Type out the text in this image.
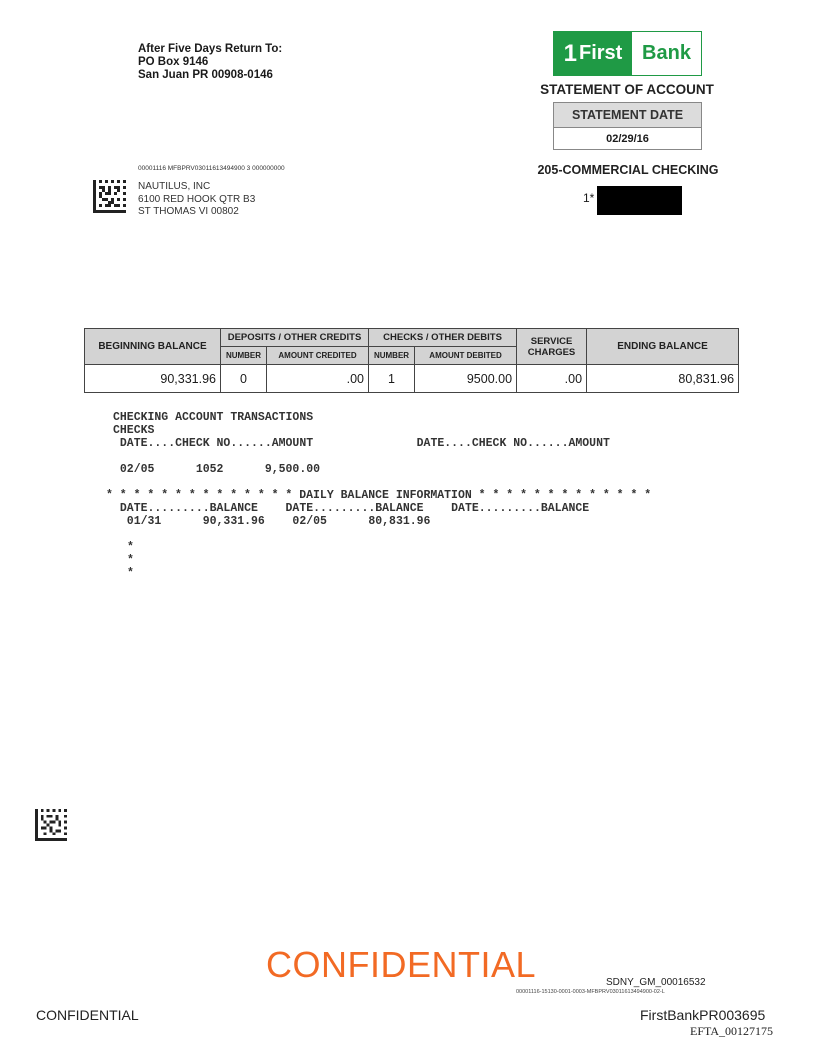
After Five Days Return To:
PO Box 9146
San Juan PR 00908-0146
1 First Bank
STATEMENT OF ACCOUNT
STATEMENT DATE
02/29/16
205-COMMERCIAL CHECKING
1*
00001116 MFBPRV03011613494900 3 000000000
NAUTILUS, INC
6100 RED HOOK QTR B3
ST THOMAS VI 00802
BEGINNING BALANCE	DEPOSITS / OTHER CREDITS		CHECKS / OTHER DEBITS		SERVICE
CHARGES	ENDING BALANCE
	NUMBER	AMOUNT CREDITED	NUMBER	AMOUNT DEBITED		
90,331.96	0	.00	1	9500.00	.00	80,831.96
CHECKING ACCOUNT TRANSACTIONS
CHECKS
DATE....CHECK NO......AMOUNT               DATE....CHECK NO......AMOUNT
02/05      1052      9,500.00
* * * * * * * * * * * * * * DAILY BALANCE INFORMATION * * * * * * * * * * * * *
DATE.........BALANCE    DATE.........BALANCE    DATE.........BALANCE
01/31      90,331.96    02/05      80,831.96
*
*
*
CONFIDENTIAL	SDNY_GM_00016532
00001116-15130-0001-0003-MFBPRV03011613494900-02-L
CONFIDENTIAL	FirstBankPR003695
EFTA_00127175
